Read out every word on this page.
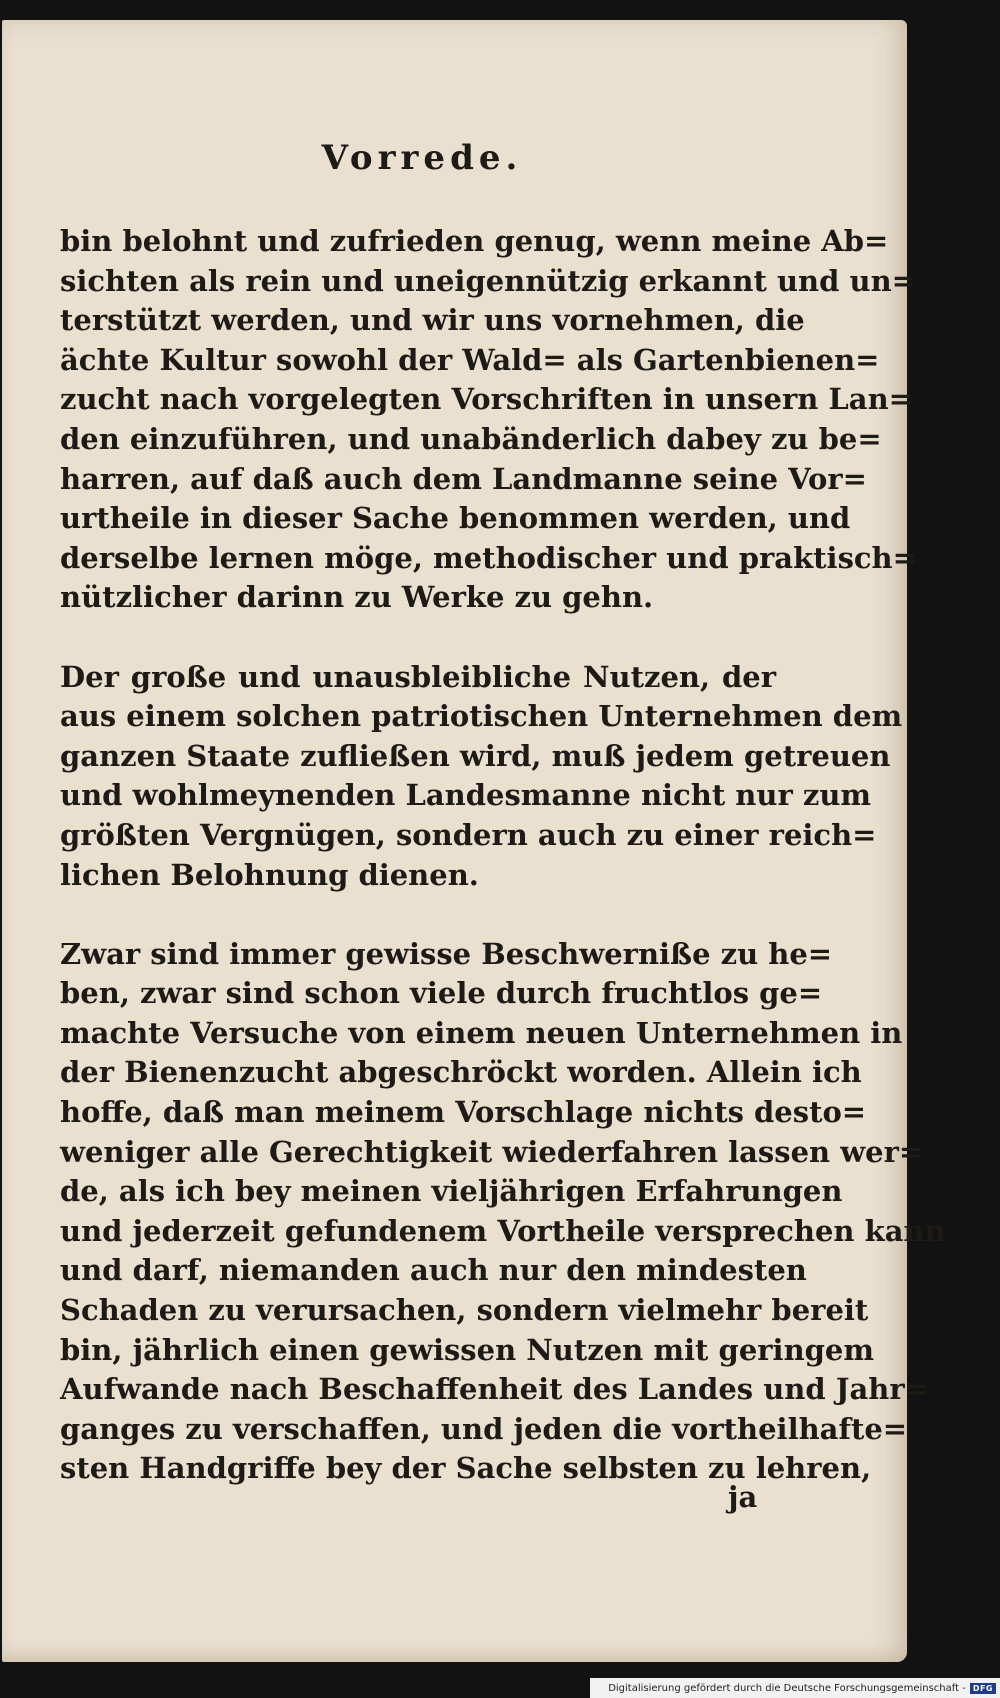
Vorrede.
bin belohnt und zufrieden genug, wenn meine Ab=
sichten als rein und uneigennützig erkannt und un=
terstützt werden, und wir uns vornehmen, die
ächte Kultur sowohl der Wald= als Gartenbienen=
zucht nach vorgelegten Vorschriften in unsern Lan=
den einzuführen, und unabänderlich dabey zu be=
harren, auf daß auch dem Landmanne seine Vor=
urtheile in dieser Sache benommen werden, und
derselbe lernen möge, methodischer und praktisch=
nützlicher darinn zu Werke zu gehn.
Der große und unausbleibliche Nutzen, der
aus einem solchen patriotischen Unternehmen dem
ganzen Staate zufließen wird, muß jedem getreuen
und wohlmeynenden Landesmanne nicht nur zum
größten Vergnügen, sondern auch zu einer reich=
lichen Belohnung dienen.
Zwar sind immer gewisse Beschwerniße zu he=
ben, zwar sind schon viele durch fruchtlos ge=
machte Versuche von einem neuen Unternehmen in
der Bienenzucht abgeschröckt worden. Allein ich
hoffe, daß man meinem Vorschlage nichts desto=
weniger alle Gerechtigkeit wiederfahren lassen wer=
de, als ich bey meinen vieljährigen Erfahrungen
und jederzeit gefundenem Vortheile versprechen kann
und darf, niemanden auch nur den mindesten
Schaden zu verursachen, sondern vielmehr bereit
bin, jährlich einen gewissen Nutzen mit geringem
Aufwande nach Beschaffenheit des Landes und Jahr=
ganges zu verschaffen, und jeden die vortheilhafte=
sten Handgriffe bey der Sache selbsten zu lehren,
ja
Digitalisierung gefördert durch die Deutsche Forschungsgemeinschaft - DFG
